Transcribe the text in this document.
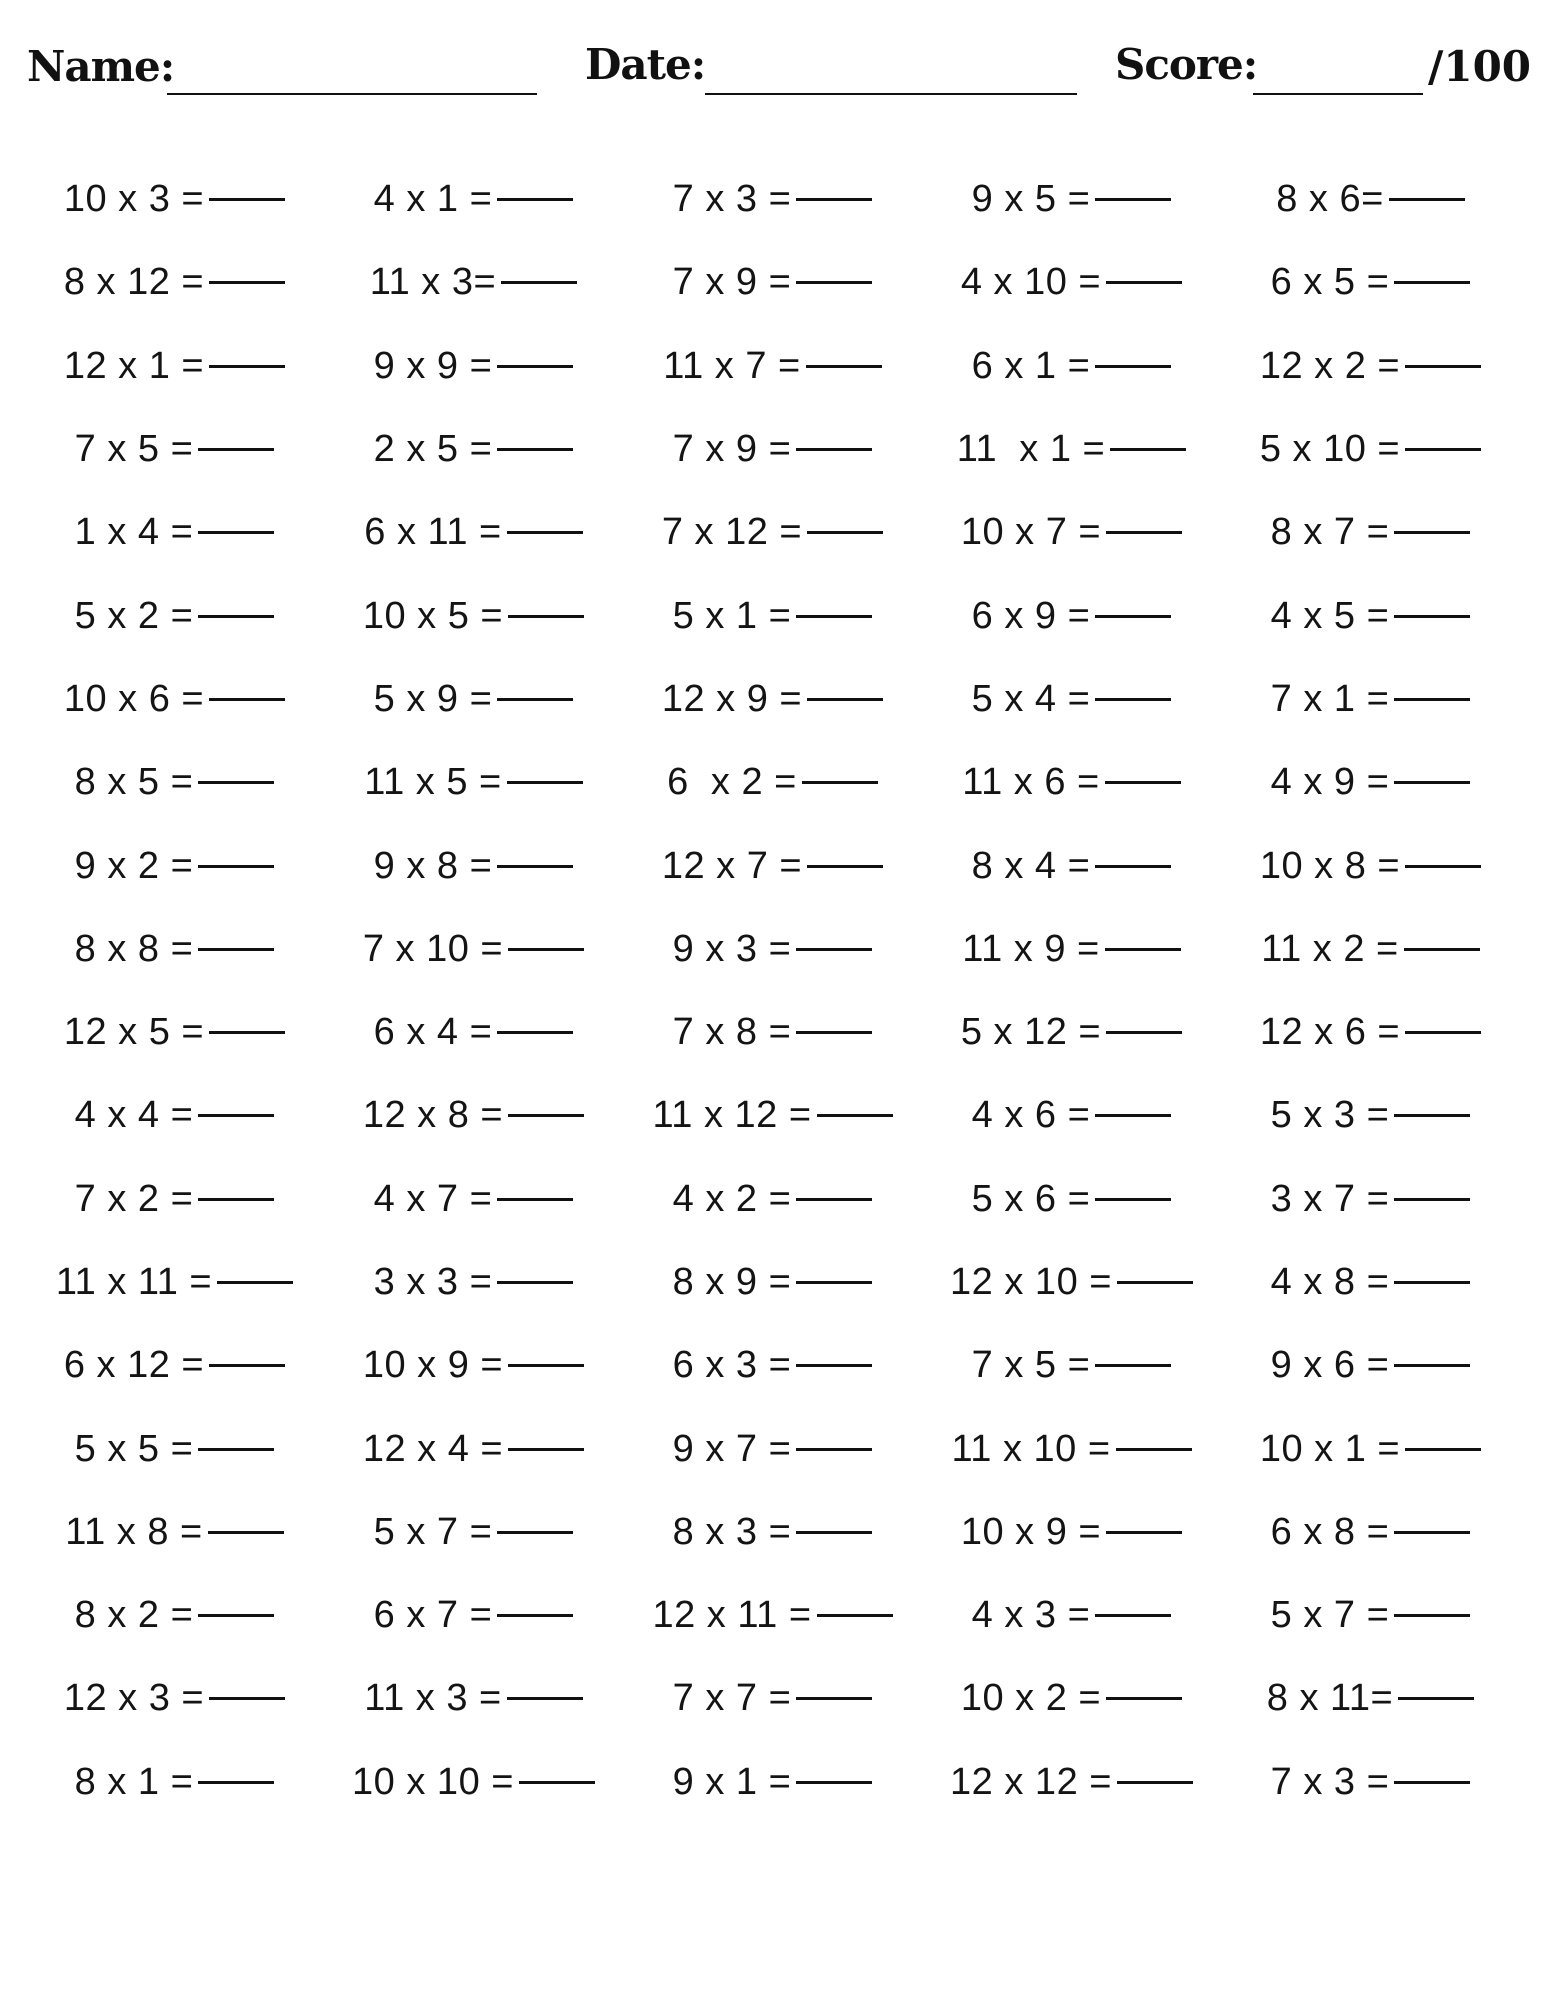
Name:	Date:	Score:	/100
10 x 3 =	4 x 1 =	7 x 3 =	9 x 5 =	8 x 6=
8 x 12 =	11 x 3=	7 x 9 =	4 x 10 =	6 x 5 =
12 x 1 =	9 x 9 =	11 x 7 =	6 x 1 =	12 x 2 =
7 x 5 =	2 x 5 =	7 x 9 =	11  x 1 =	5 x 10 =
1 x 4 =	6 x 11 =	7 x 12 =	10 x 7 =	8 x 7 =
5 x 2 =	10 x 5 =	5 x 1 =	6 x 9 =	4 x 5 =
10 x 6 =	5 x 9 =	12 x 9 =	5 x 4 =	7 x 1 =
8 x 5 =	11 x 5 =	6  x 2 =	11 x 6 =	4 x 9 =
9 x 2 =	9 x 8 =	12 x 7 =	8 x 4 =	10 x 8 =
8 x 8 =	7 x 10 =	9 x 3 =	11 x 9 =	11 x 2 =
12 x 5 =	6 x 4 =	7 x 8 =	5 x 12 =	12 x 6 =
4 x 4 =	12 x 8 =	11 x 12 =	4 x 6 =	5 x 3 =
7 x 2 =	4 x 7 =	4 x 2 =	5 x 6 =	3 x 7 =
11 x 11 =	3 x 3 =	8 x 9 =	12 x 10 =	4 x 8 =
6 x 12 =	10 x 9 =	6 x 3 =	7 x 5 =	9 x 6 =
5 x 5 =	12 x 4 =	9 x 7 =	11 x 10 =	10 x 1 =
11 x 8 =	5 x 7 =	8 x 3 =	10 x 9 =	6 x 8 =
8 x 2 =	6 x 7 =	12 x 11 =	4 x 3 =	5 x 7 =
12 x 3 =	11 x 3 =	7 x 7 =	10 x 2 =	8 x 11=
8 x 1 =	10 x 10 =	9 x 1 =	12 x 12 =	7 x 3 =
